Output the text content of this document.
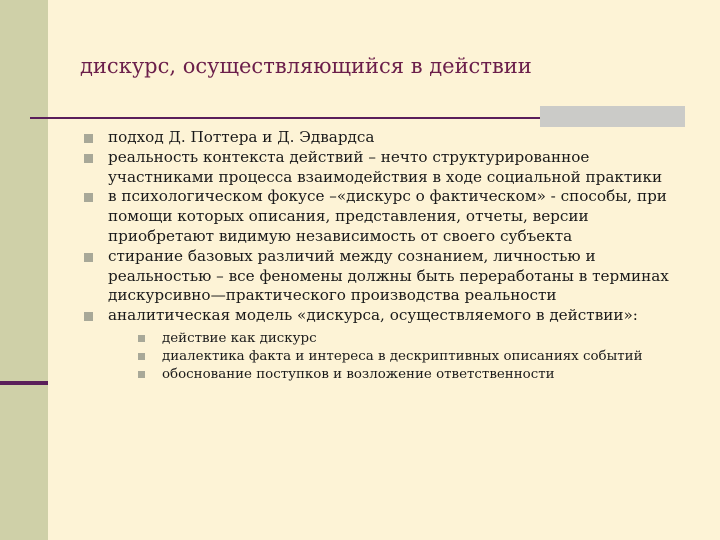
дискурс, осуществляющийся в действии
подход Д. Поттера и Д. Эдвардса
реальность контекста действий – нечто структурированное участниками процесса взаимодействия в ходе социальной практики
в психологическом фокусе –«дискурс о фактическом» - способы, при помощи которых описания, представления, отчеты, версии приобретают видимую независимость от своего субъекта
стирание базовых различий между сознанием, личностью и реальностью – все феномены должны быть переработаны в терминах дискурсивно—практического производства реальности
аналитическая модель «дискурса, осуществляемого в действии»:
действие как дискурс
диалектика факта и интереса в дескриптивных описаниях событий
обоснование поступков и возложение ответственности
